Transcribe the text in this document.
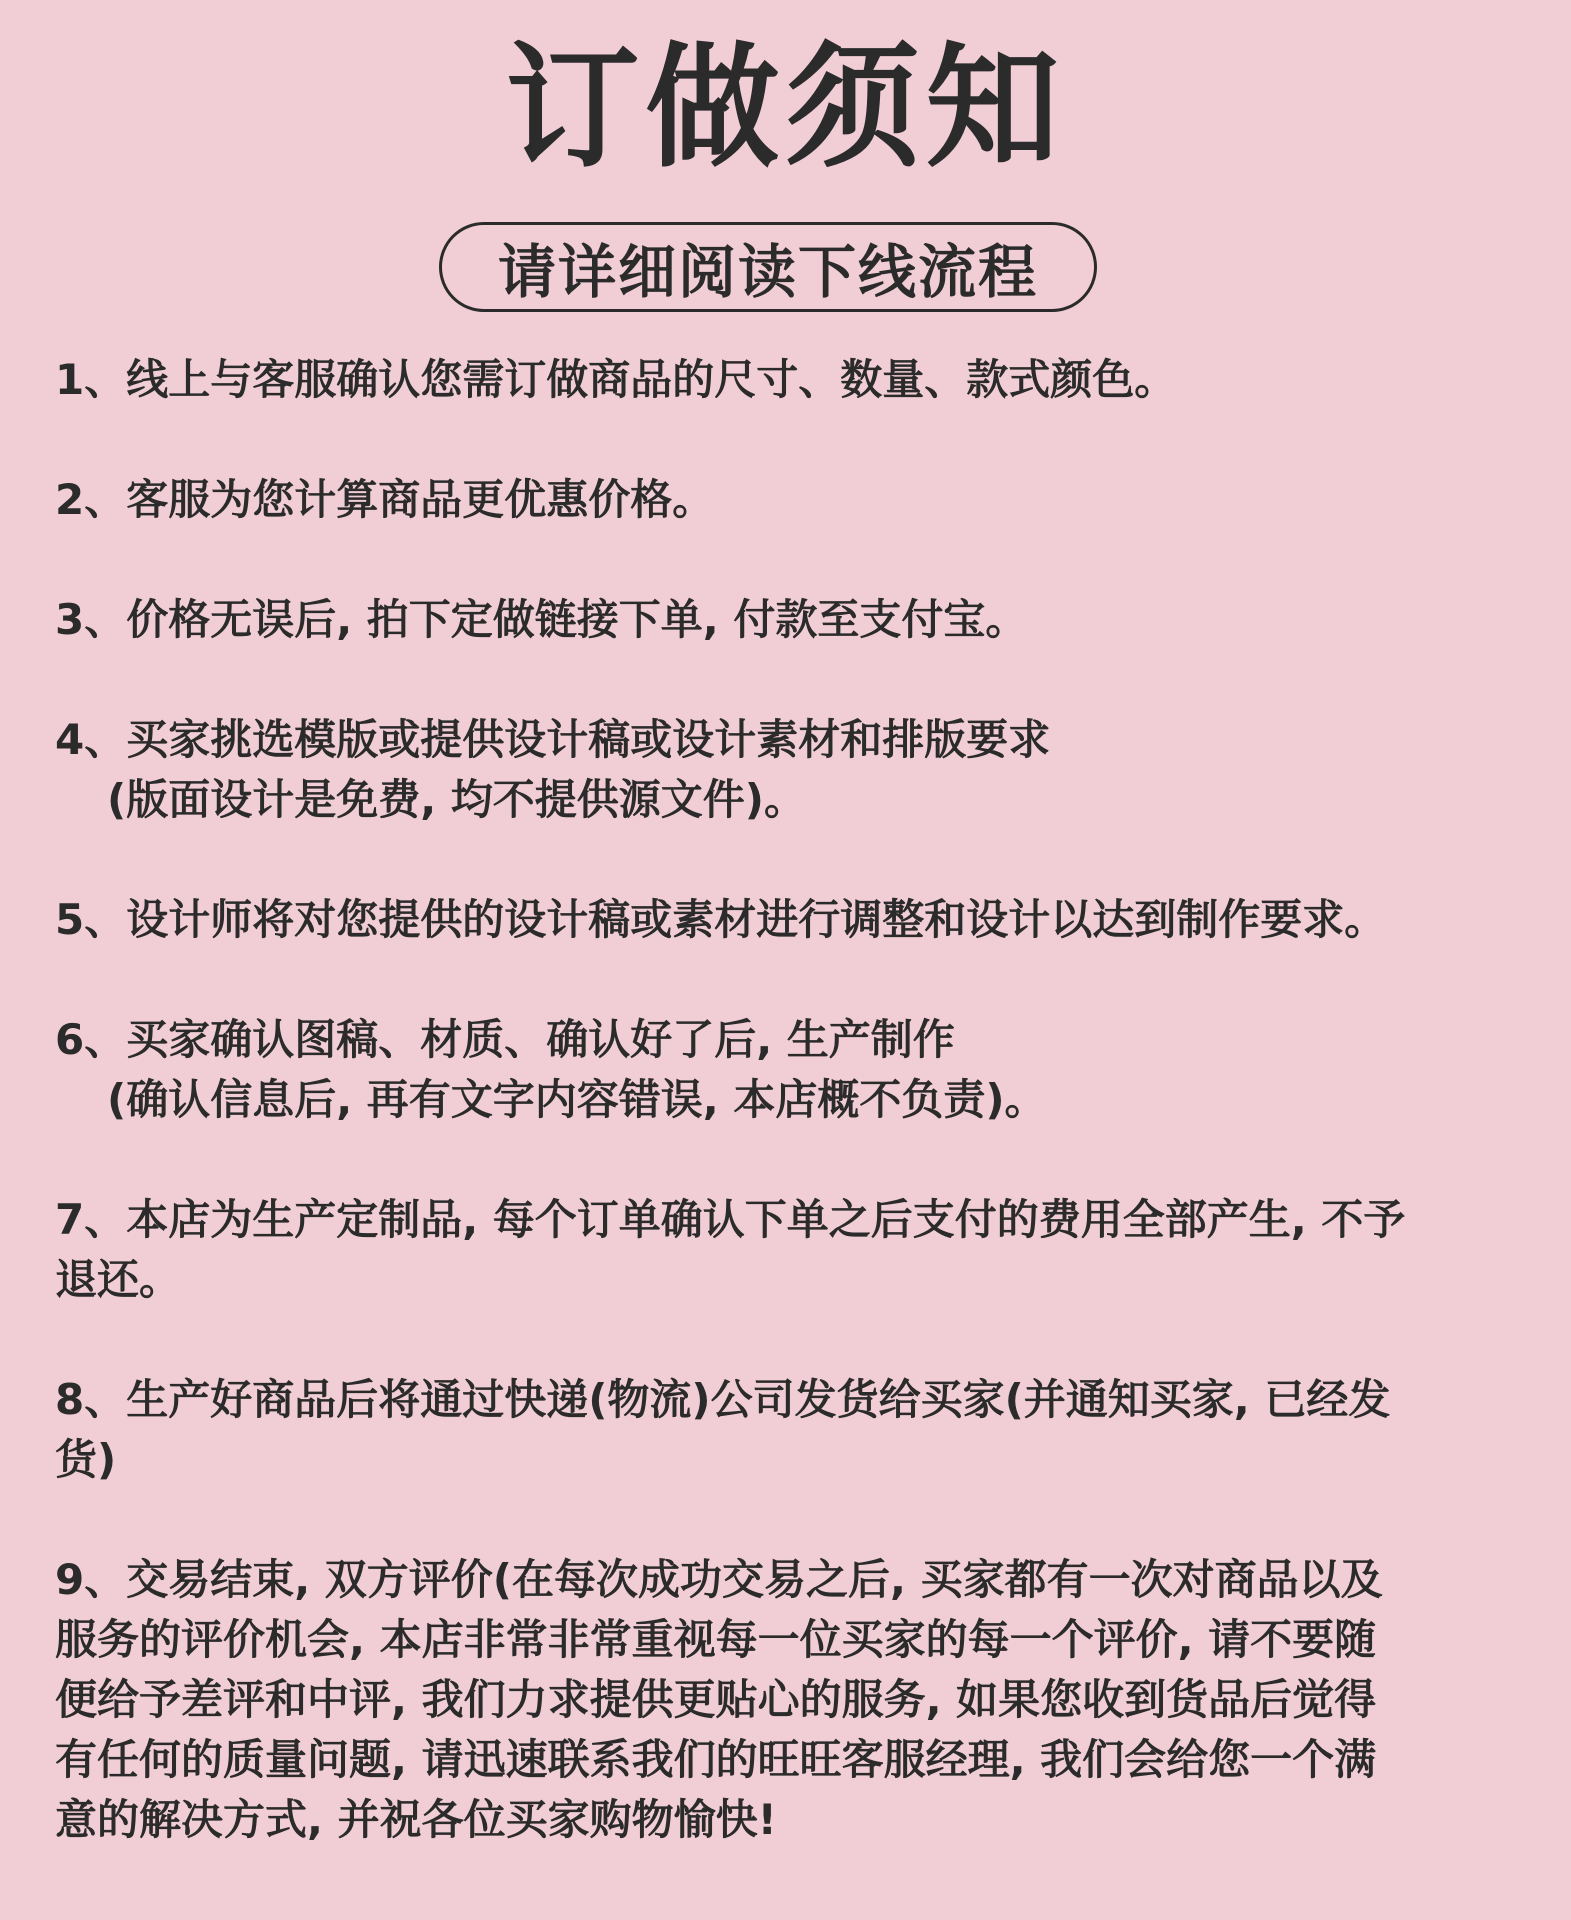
订做须知
请详细阅读下线流程
1、线上与客服确认您需订做商品的尺寸、数量、款式颜色。
2、客服为您计算商品更优惠价格。
3、价格无误后, 拍下定做链接下单, 付款至支付宝。
4、买家挑选模版或提供设计稿或设计素材和排版要求
(版面设计是免费, 均不提供源文件)。
5、设计师将对您提供的设计稿或素材进行调整和设计以达到制作要求。
6、买家确认图稿、材质、确认好了后, 生产制作
(确认信息后, 再有文字内容错误, 本店概不负责)。
7、本店为生产定制品, 每个订单确认下单之后支付的费用全部产生, 不予
退还。
8、生产好商品后将通过快递(物流)公司发货给买家(并通知买家, 已经发
货)
9、交易结束, 双方评价(在每次成功交易之后, 买家都有一次对商品以及
服务的评价机会, 本店非常非常重视每一位买家的每一个评价, 请不要随
便给予差评和中评, 我们力求提供更贴心的服务, 如果您收到货品后觉得
有任何的质量问题, 请迅速联系我们的旺旺客服经理, 我们会给您一个满
意的解决方式, 并祝各位买家购物愉快!
